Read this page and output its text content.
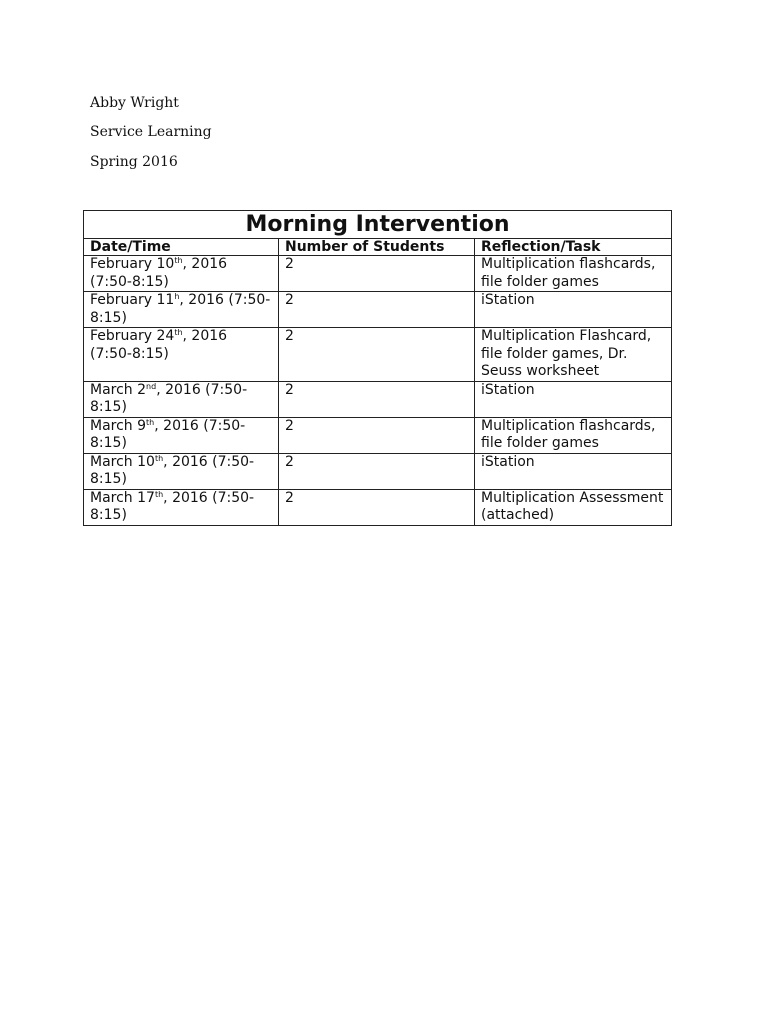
Abby Wright
Service Learning
Spring 2016
Morning Intervention		
Date/Time	Number of Students	Reflection/Task
February 10th, 2016 (7:50-8:15)	2	Multiplication flashcards, file folder games
February 11$^h$, 2016 (7:50-8:15)	2	iStation
February 24th, 2016 (7:50-8:15)	2	Multiplication Flashcard, file folder games, Dr. Seuss worksheet
March 2nd, 2016 (7:50-8:15)	2	iStation
March 9th, 2016 (7:50-8:15)	2	Multiplication flashcards, file folder games
March 10th, 2016 (7:50-8:15)	2	iStation
March 17th, 2016 (7:50-8:15)	2	Multiplication Assessment (attached)
